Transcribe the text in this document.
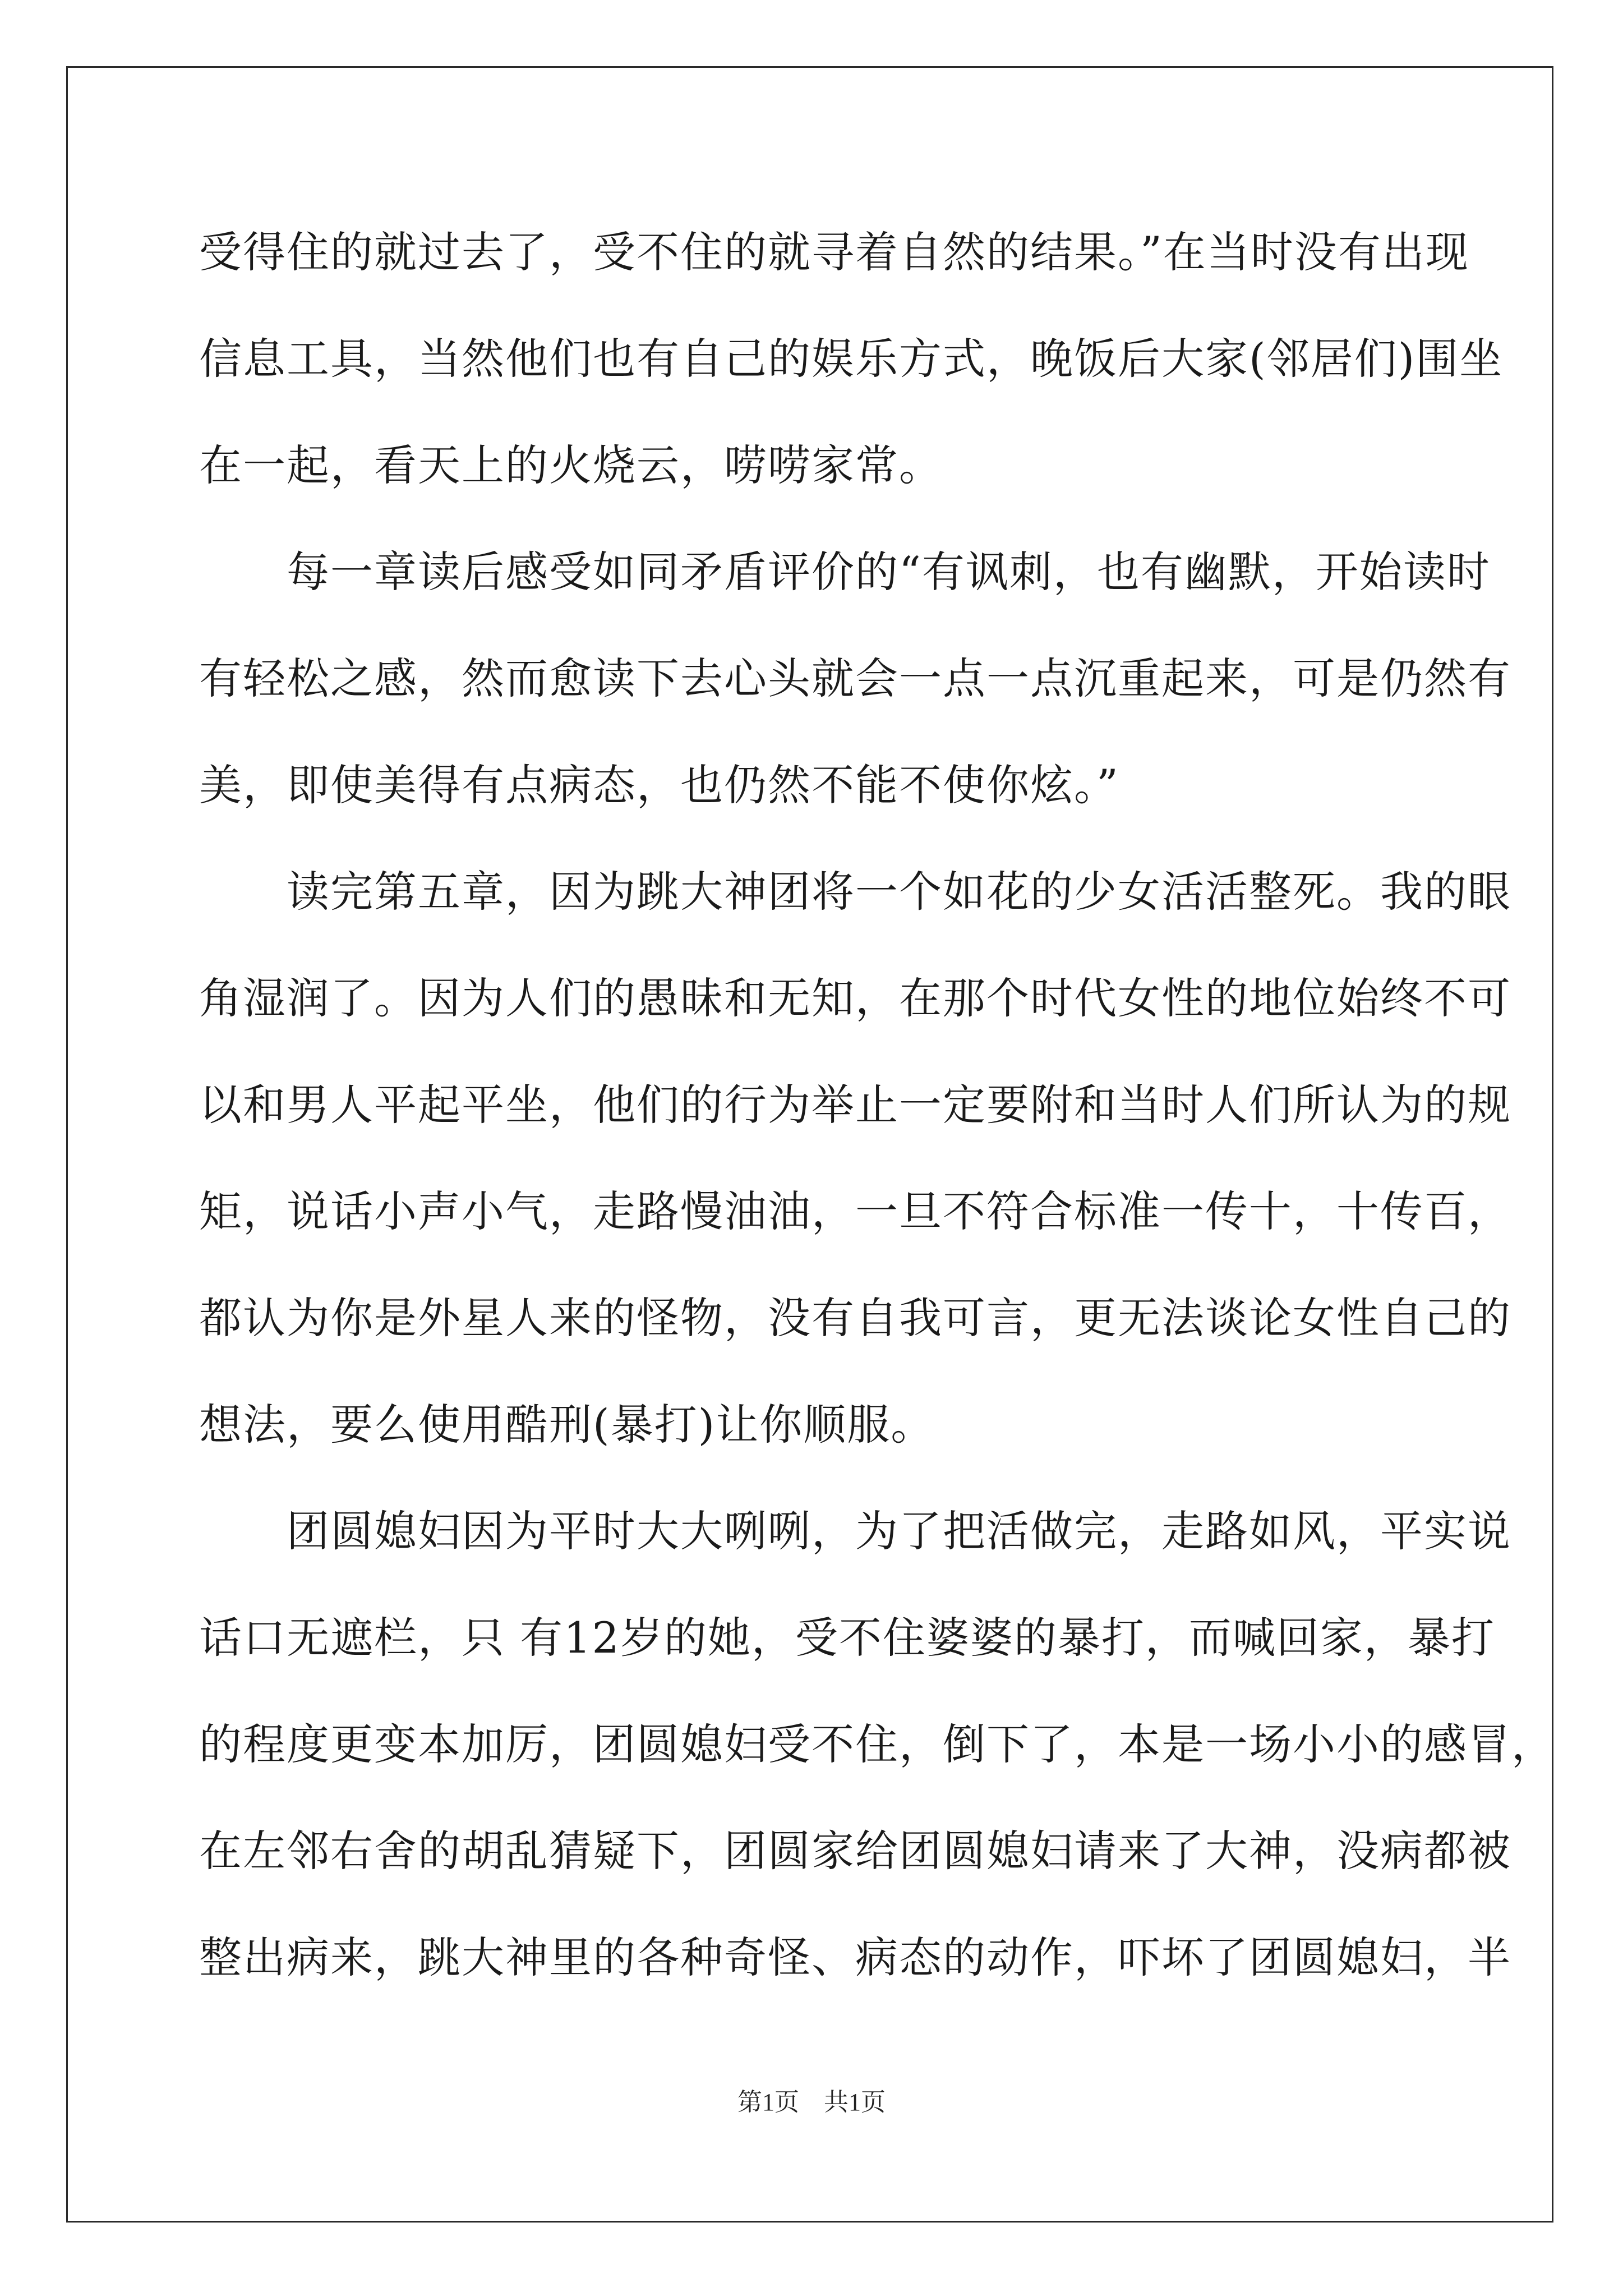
受得住的就过去了，受不住的就寻着自然的结果。”在当时没有出现
信息工具，当然他们也有自己的娱乐方式，晚饭后大家(邻居们)围坐
在一起，看天上的火烧云，唠唠家常。
　　每一章读后感受如同矛盾评价的“有讽刺，也有幽默，开始读时
有轻松之感，然而愈读下去心头就会一点一点沉重起来，可是仍然有
美，即使美得有点病态，也仍然不能不使你炫。”
　　读完第五章，因为跳大神团将一个如花的少女活活整死。我的眼
角湿润了。因为人们的愚昧和无知，在那个时代女性的地位始终不可
以和男人平起平坐，他们的行为举止一定要附和当时人们所认为的规
矩，说话小声小气，走路慢油油，一旦不符合标准一传十，十传百，
都认为你是外星人来的怪物，没有自我可言，更无法谈论女性自己的
想法，要么使用酷刑(暴打)让你顺服。
　　团圆媳妇因为平时大大咧咧，为了把活做完，走路如风，平实说
话口无遮栏，只 有12岁的她，受不住婆婆的暴打，而喊回家，暴打
的程度更变本加厉，团圆媳妇受不住，倒下了，本是一场小小的感冒，
在左邻右舍的胡乱猜疑下，团圆家给团圆媳妇请来了大神，没病都被
整出病来，跳大神里的各种奇怪、病态的动作，吓坏了团圆媳妇，半
第1页　共1页
